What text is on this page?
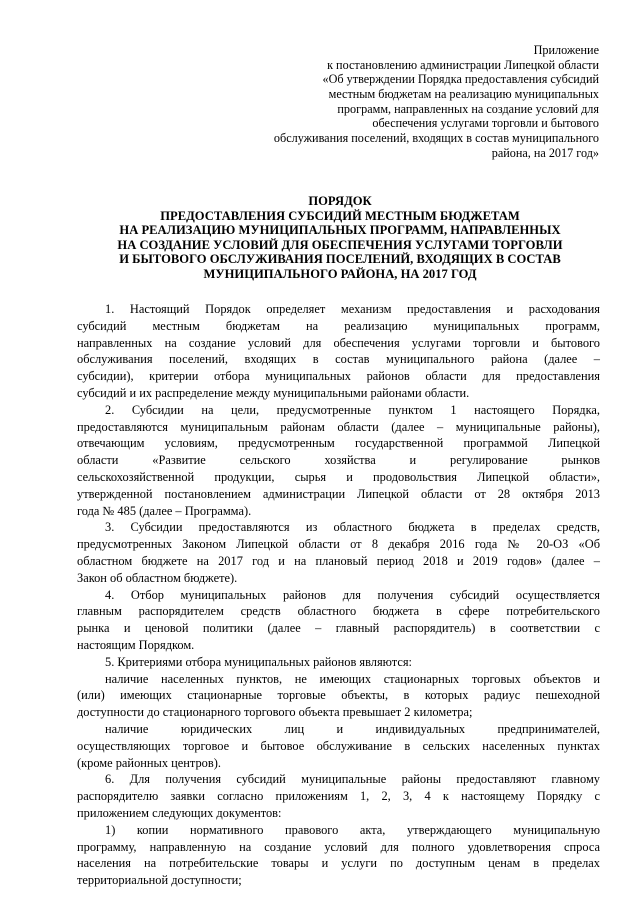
Приложение
к постановлению администрации Липецкой области
«Об утверждении Порядка предоставления субсидий
местным бюджетам на реализацию муниципальных
программ, направленных на создание условий для
обеспечения услугами торговли и бытового
обслуживания поселений, входящих в состав муниципального
района, на 2017 год»
ПОРЯДОК
ПРЕДОСТАВЛЕНИЯ СУБСИДИЙ МЕСТНЫМ БЮДЖЕТАМ
НА РЕАЛИЗАЦИЮ МУНИЦИПАЛЬНЫХ ПРОГРАММ, НАПРАВЛЕННЫХ
НА СОЗДАНИЕ УСЛОВИЙ ДЛЯ ОБЕСПЕЧЕНИЯ УСЛУГАМИ ТОРГОВЛИ
И БЫТОВОГО ОБСЛУЖИВАНИЯ ПОСЕЛЕНИЙ, ВХОДЯЩИХ В СОСТАВ
МУНИЦИПАЛЬНОГО РАЙОНА, НА 2017 ГОД
1. Настоящий Порядок определяет механизм предоставления и расходования
субсидий местным бюджетам на реализацию муниципальных программ,
направленных на создание условий для обеспечения услугами торговли и бытового
обслуживания поселений, входящих в состав муниципального района (далее –
субсидии), критерии отбора муниципальных районов области для предоставления
субсидий и их распределение между муниципальными районами области.
2. Субсидии на цели, предусмотренные пунктом 1 настоящего Порядка,
предоставляются муниципальным районам области (далее – муниципальные районы),
отвечающим условиям, предусмотренным государственной программой Липецкой
области «Развитие сельского хозяйства и регулирование рынков
сельскохозяйственной продукции, сырья и продовольствия Липецкой области»,
утвержденной постановлением администрации Липецкой области от 28 октября 2013
года № 485 (далее – Программа).
3. Субсидии предоставляются из областного бюджета в пределах средств,
предусмотренных Законом Липецкой области от 8 декабря 2016 года № 20-ОЗ «Об
областном бюджете на 2017 год и на плановый период 2018 и 2019 годов» (далее –
Закон об областном бюджете).
4. Отбор муниципальных районов для получения субсидий осуществляется
главным распорядителем средств областного бюджета в сфере потребительского
рынка и ценовой политики (далее – главный распорядитель) в соответствии с
настоящим Порядком.
5. Критериями отбора муниципальных районов являются:
наличие населенных пунктов, не имеющих стационарных торговых объектов и
(или) имеющих стационарные торговые объекты, в которых радиус пешеходной
доступности до стационарного торгового объекта превышает 2 километра;
наличие юридических лиц и индивидуальных предпринимателей,
осуществляющих торговое и бытовое обслуживание в сельских населенных пунктах
(кроме районных центров).
6. Для получения субсидий муниципальные районы предоставляют главному
распорядителю заявки согласно приложениям 1, 2, 3, 4 к настоящему Порядку с
приложением следующих документов:
1) копии нормативного правового акта, утверждающего муниципальную
программу, направленную на создание условий для полного удовлетворения спроса
населения на потребительские товары и услуги по доступным ценам в пределах
территориальной доступности;
